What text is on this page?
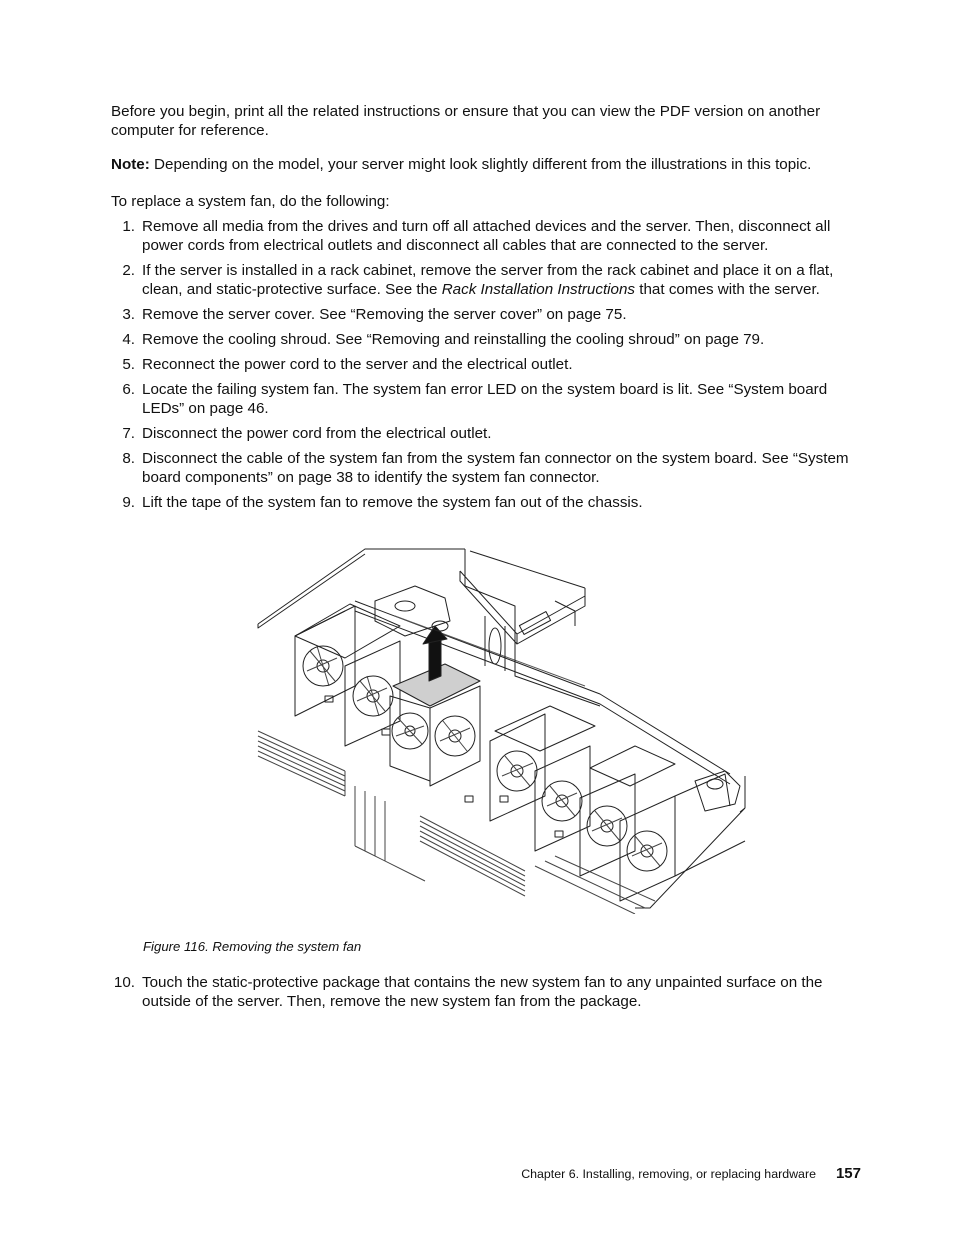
Before you begin, print all the related instructions or ensure that you can view the PDF version on another computer for reference.

Note: Depending on the model, your server might look slightly different from the illustrations in this topic.

To replace a system fan, do the following:

1. Remove all media from the drives and turn off all attached devices and the server. Then, disconnect all power cords from electrical outlets and disconnect all cables that are connected to the server.
2. If the server is installed in a rack cabinet, remove the server from the rack cabinet and place it on a flat, clean, and static-protective surface. See the Rack Installation Instructions that comes with the server.
3. Remove the server cover. See “Removing the server cover” on page 75.
4. Remove the cooling shroud. See “Removing and reinstalling the cooling shroud” on page 79.
5. Reconnect the power cord to the server and the electrical outlet.
6. Locate the failing system fan. The system fan error LED on the system board is lit. See “System board LEDs” on page 46.
7. Disconnect the power cord from the electrical outlet.
8. Disconnect the cable of the system fan from the system fan connector on the system board. See “System board components” on page 38 to identify the system fan connector.
9. Lift the tape of the system fan to remove the system fan out of the chassis.
Figure 116. Removing the system fan
10. Touch the static-protective package that contains the new system fan to any unpainted surface on the outside of the server. Then, remove the new system fan from the package.
Chapter 6. Installing, removing, or replacing hardware 157
